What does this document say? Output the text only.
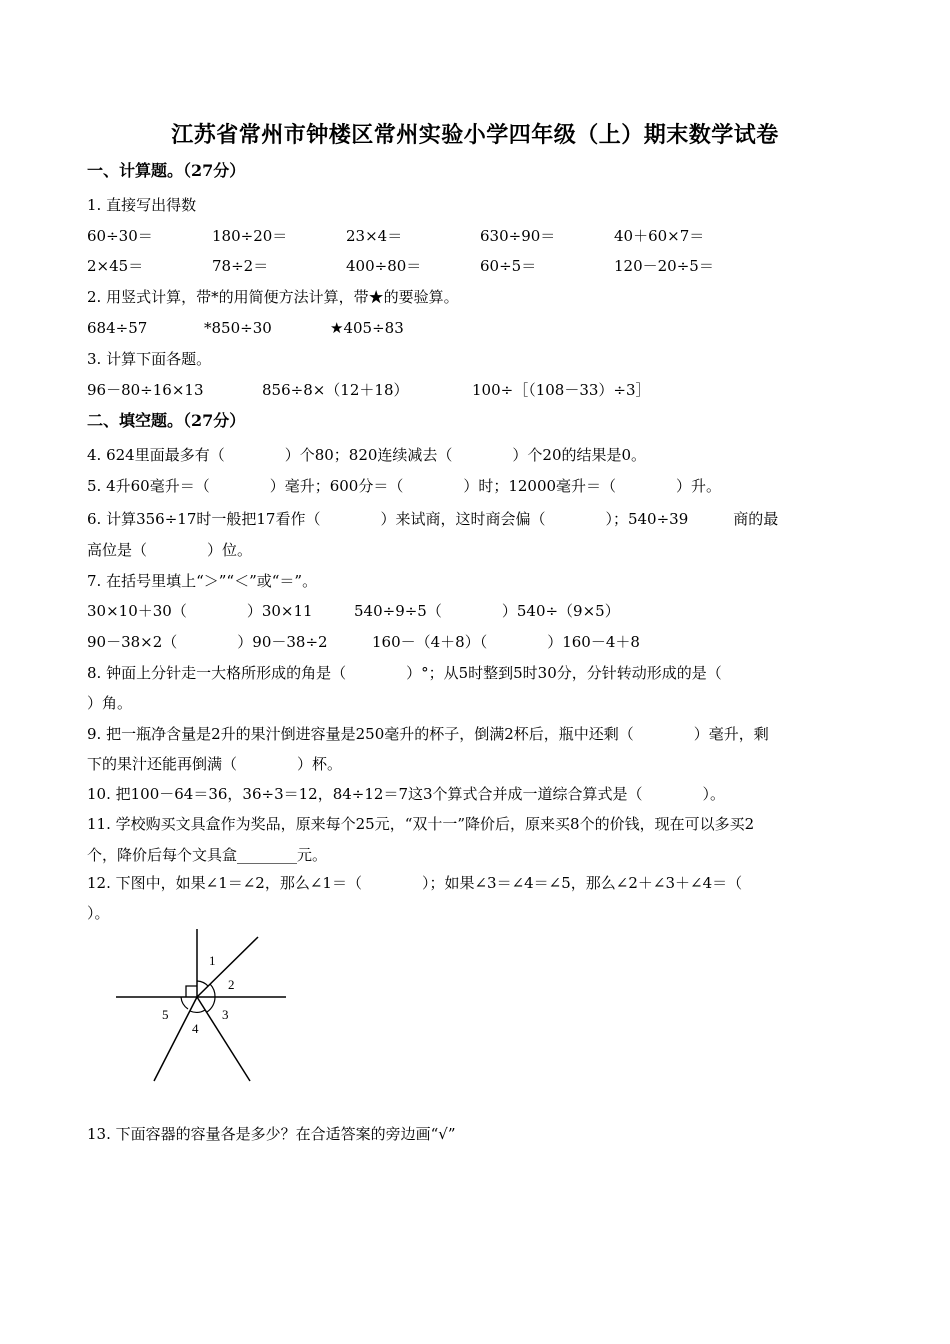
江苏省常州市钟楼区常州实验小学四年级（上）期末数学试卷
一、计算题。（27分）
1. 直接写出得数
60÷30＝	180÷20＝	23×4＝	630÷90＝	40＋60×7＝
2×45＝	78÷2＝	400÷80＝	60÷5＝	120－20÷5＝
2. 用竖式计算，带*的用简便方法计算，带★的要验算。
684÷57	*850÷30	★405÷83
3. 计算下面各题。
96－80÷16×13	856÷8×（12＋18）	100÷［（108－33）÷3］
二、填空题。（27分）
4. 624里面最多有（　　　　）个80；820连续减去（　　　　）个20的结果是0。
5. 4升60毫升＝（　　　　）毫升；600分＝（　　　　）时；12000毫升＝（　　　　）升。
6. 计算356÷17时一般把17看作（　　　　）来试商，这时商会偏（　　　　）；540÷39　　　商的最
高位是（　　　　）位。
7. 在括号里填上“＞”“＜”或“＝”。
30×10＋30（　　　　）30×11	540÷9÷5（　　　　）540÷（9×5）
90－38×2（　　　　）90－38÷2	160－（4＋8）（　　　　）160－4＋8
8. 钟面上分针走一大格所形成的角是（　　　　）°；从5时整到5时30分，分针转动形成的是（
）角。
9. 把一瓶净含量是2升的果汁倒进容量是250毫升的杯子，倒满2杯后，瓶中还剩（　　　　）毫升，剩
下的果汁还能再倒满（　　　　）杯。
10. 把100－64＝36，36÷3＝12，84÷12＝7这3个算式合并成一道综合算式是（　　　　）。
11. 学校购买文具盒作为奖品，原来每个25元，“双十一”降价后，原来买8个的价钱，现在可以多买2
个，降价后每个文具盒________元。
12. 下图中，如果∠1＝∠2，那么∠1＝（　　　　）；如果∠3＝∠4＝∠5，那么∠2＋∠3＋∠4＝（
）。
1
2
3
4
5
13. 下面容器的容量各是多少？在合适答案的旁边画“√”
